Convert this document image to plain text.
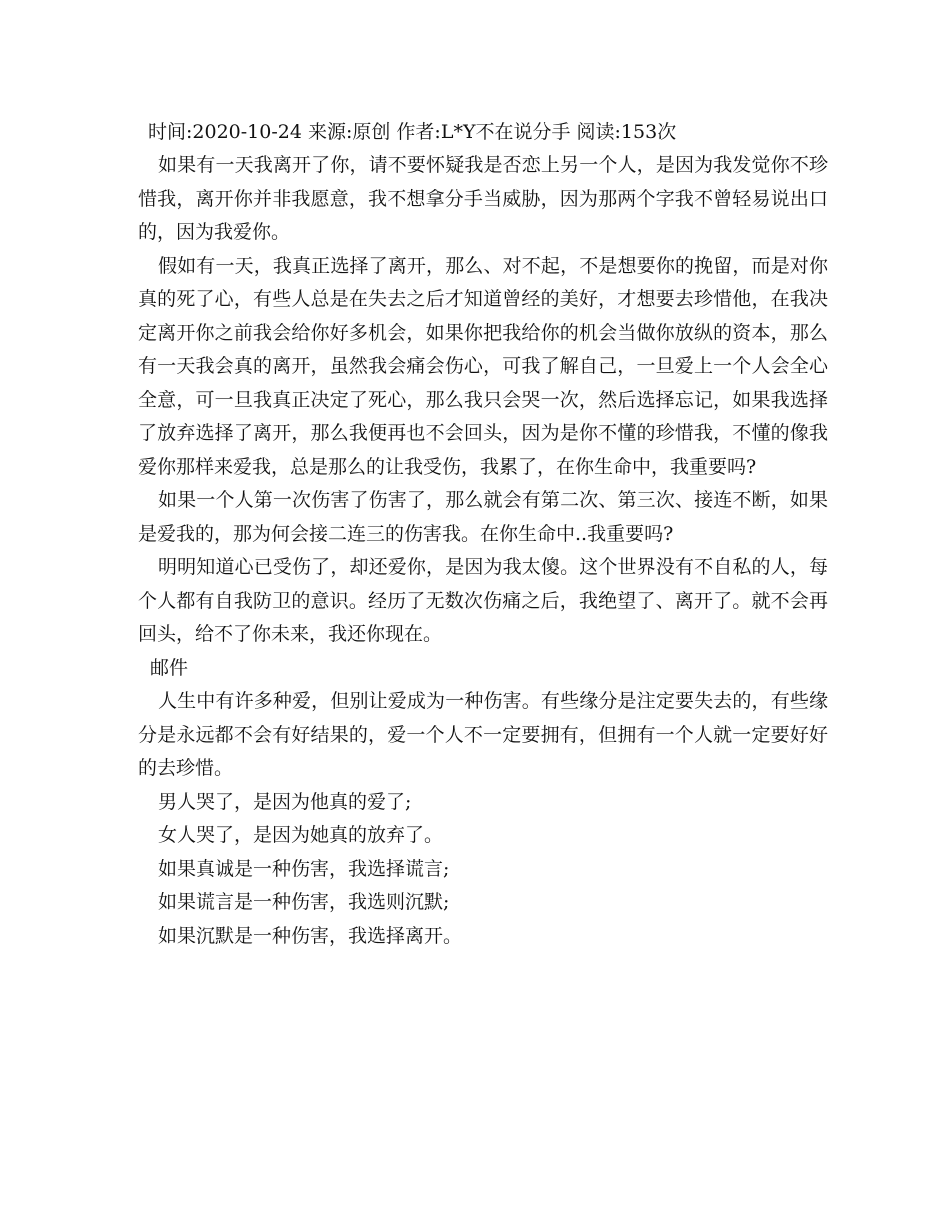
时间:2020-10-24 来源:原创 作者:L*Y不在说分手 阅读:153次

如果有一天我离开了你，请不要怀疑我是否恋上另一个人，是因为我发觉你不珍惜我，离开你并非我愿意，我不想拿分手当威胁，因为那两个字我不曾轻易说出口的，因为我爱你。

假如有一天，我真正选择了离开，那么、对不起，不是想要你的挽留，而是对你真的死了心，有些人总是在失去之后才知道曾经的美好，才想要去珍惜他，在我决定离开你之前我会给你好多机会，如果你把我给你的机会当做你放纵的资本，那么有一天我会真的离开，虽然我会痛会伤心，可我了解自己，一旦爱上一个人会全心全意，可一旦我真正决定了死心，那么我只会哭一次，然后选择忘记，如果我选择了放弃选择了离开，那么我便再也不会回头，因为是你不懂的珍惜我，不懂的像我爱你那样来爱我，总是那么的让我受伤，我累了，在你生命中，我重要吗?

如果一个人第一次伤害了伤害了，那么就会有第二次、第三次、接连不断，如果是爱我的，那为何会接二连三的伤害我。在你生命中..我重要吗?

明明知道心已受伤了，却还爱你，是因为我太傻。这个世界没有不自私的人，每个人都有自我防卫的意识。经历了无数次伤痛之后，我绝望了、离开了。就不会再回头，给不了你未来，我还你现在。

邮件

人生中有许多种爱，但别让爱成为一种伤害。有些缘分是注定要失去的，有些缘分是永远都不会有好结果的，爱一个人不一定要拥有，但拥有一个人就一定要好好的去珍惜。

男人哭了，是因为他真的爱了;

女人哭了，是因为她真的放弃了。

如果真诚是一种伤害，我选择谎言;

如果谎言是一种伤害，我选则沉默;

如果沉默是一种伤害，我选择离开。
